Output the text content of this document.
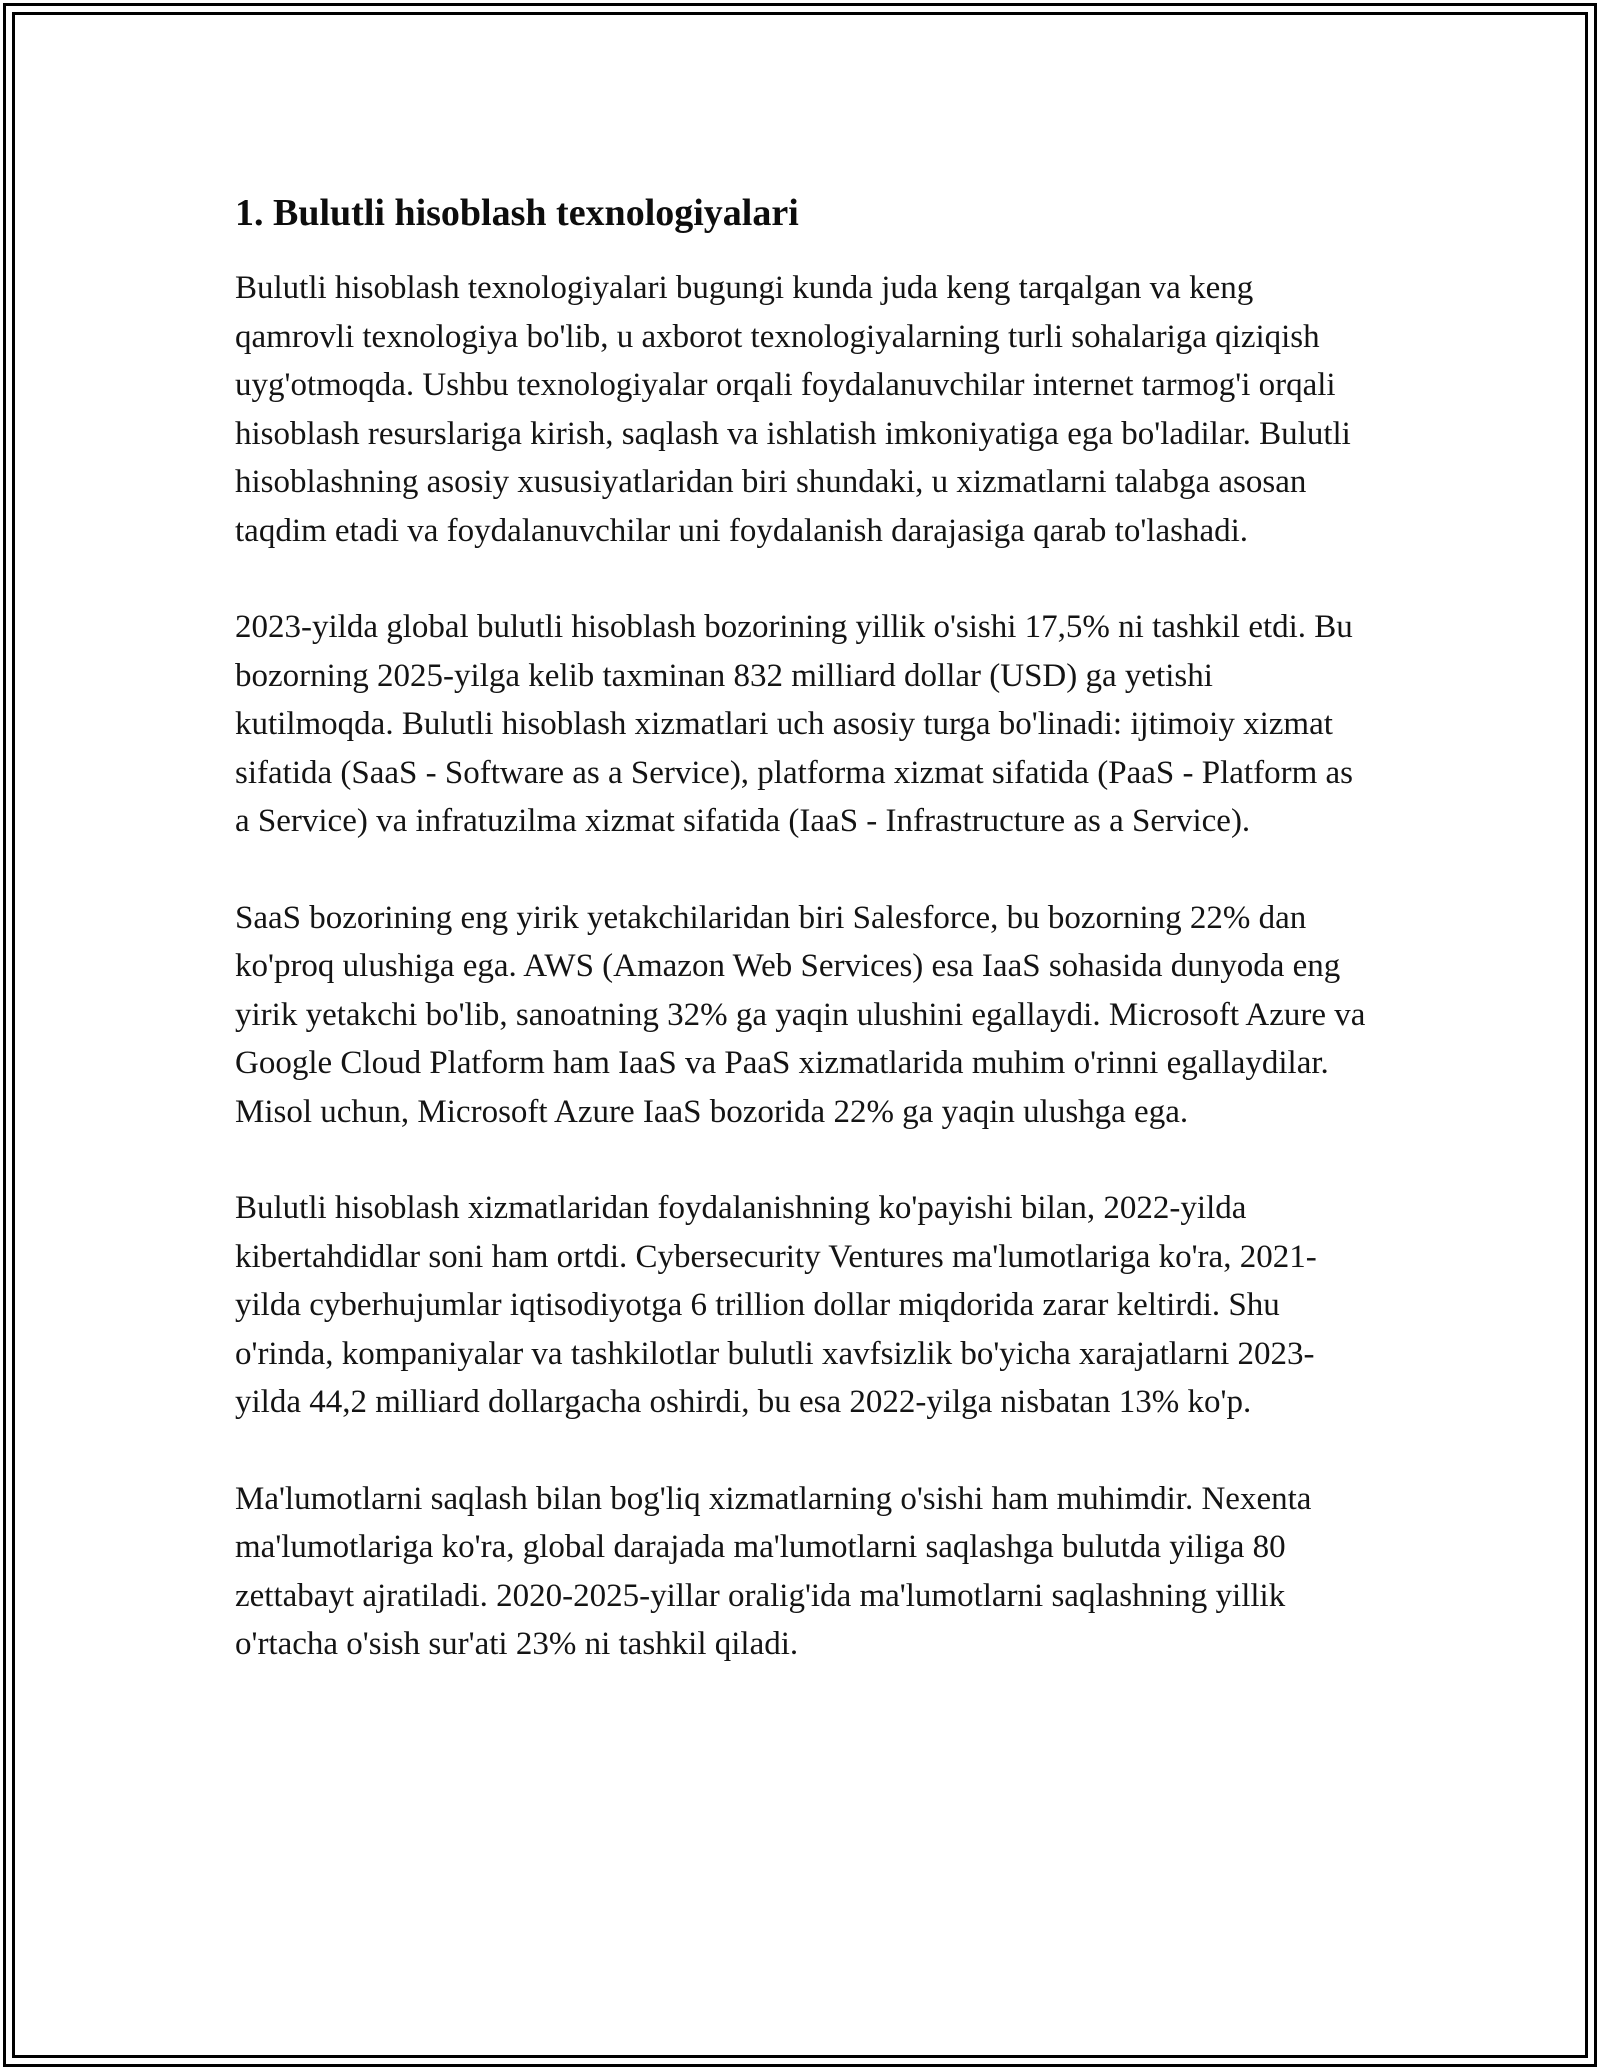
1. Bulutli hisoblash texnologiyalari

Bulutli hisoblash texnologiyalari bugungi kunda juda keng tarqalgan va keng qamrovli texnologiya bo'lib, u axborot texnologiyalarning turli sohalariga qiziqish uyg'otmoqda. Ushbu texnologiyalar orqali foydalanuvchilar internet tarmog'i orqali hisoblash resurslariga kirish, saqlash va ishlatish imkoniyatiga ega bo'ladilar. Bulutli hisoblashning asosiy xususiyatlaridan biri shundaki, u xizmatlarni talabga asosan taqdim etadi va foydalanuvchilar uni foydalanish darajasiga qarab to'lashadi.

2023-yilda global bulutli hisoblash bozorining yillik o'sishi 17,5% ni tashkil etdi. Bu bozorning 2025-yilga kelib taxminan 832 milliard dollar (USD) ga yetishi kutilmoqda. Bulutli hisoblash xizmatlari uch asosiy turga bo'linadi: ijtimoiy xizmat sifatida (SaaS - Software as a Service), platforma xizmat sifatida (PaaS - Platform as a Service) va infratuzilma xizmat sifatida (IaaS - Infrastructure as a Service).

SaaS bozorining eng yirik yetakchilaridan biri Salesforce, bu bozorning 22% dan ko'proq ulushiga ega. AWS (Amazon Web Services) esa IaaS sohasida dunyoda eng yirik yetakchi bo'lib, sanoatning 32% ga yaqin ulushini egallaydi. Microsoft Azure va Google Cloud Platform ham IaaS va PaaS xizmatlarida muhim o'rinni egallaydilar. Misol uchun, Microsoft Azure IaaS bozorida 22% ga yaqin ulushga ega.

Bulutli hisoblash xizmatlaridan foydalanishning ko'payishi bilan, 2022-yilda kibertahdidlar soni ham ortdi. Cybersecurity Ventures ma'lumotlariga ko'ra, 2021-yilda cyberhujumlar iqtisodiyotga 6 trillion dollar miqdorida zarar keltirdi. Shu o'rinda, kompaniyalar va tashkilotlar bulutli xavfsizlik bo'yicha xarajatlarni 2023-yilda 44,2 milliard dollargacha oshirdi, bu esa 2022-yilga nisbatan 13% ko'p.

Ma'lumotlarni saqlash bilan bog'liq xizmatlarning o'sishi ham muhimdir. Nexenta ma'lumotlariga ko'ra, global darajada ma'lumotlarni saqlashga bulutda yiliga 80 zettabayt ajratiladi. 2020-2025-yillar oralig'ida ma'lumotlarni saqlashning yillik o'rtacha o'sish sur'ati 23% ni tashkil qiladi.
